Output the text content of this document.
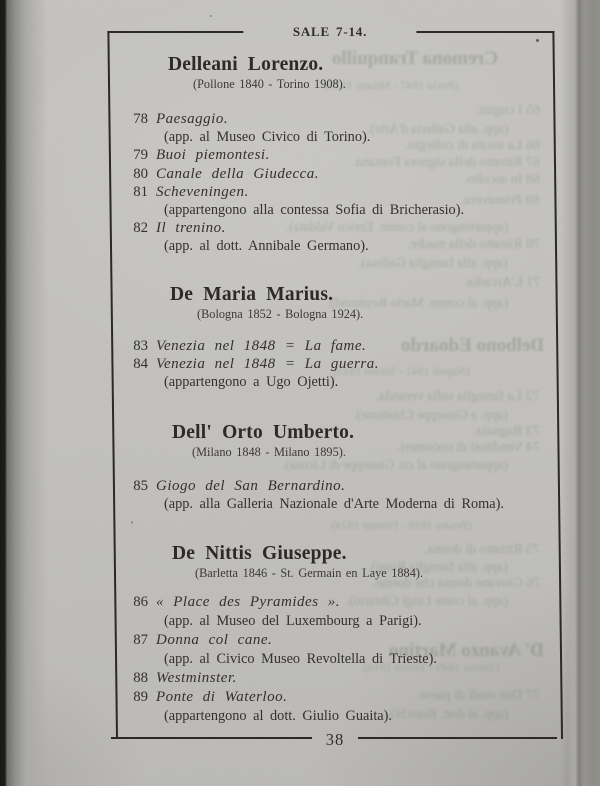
Cremona Tranquillo
(Pavia 1847 - Milano 1920).
65 I cugini.
(app. alla Galleria d'Arte).
66 La uscita di collegio.
67 Ritratto della signora Fontana.
68 In ascolto.
69 Primavera.
(appartengono al comm. Enrico Valdata).
70 Ritratto della madre.
(app. alla famiglia Gallina).
71 L'Arcadia.
(app. al comm. Mario Reymond).
Delbono Edoardo
(Napoli 1841 - Torino 1915).
72 La famiglia sulla veranda.
(app. a Giuseppe Chiattone).
73 Bagnaia.
74 Venditori di cocomeri.
(appartengono al co. Giuseppe di Licosa).
(Pesaro 1859 - Firenze 1924).
75 Ritratto di donna.
(app. alla famiglia Rossi).
76 Giovane donna che dorme.
(app. al conte Luigi Cibrario).
D' Avanzo Martino
(Torino 1849 - Torino 1918).
77 Due studi di paese.
(app. al dott. Bianchi).
SALE 7-14.
Delleani Lorenzo.
(Pollone 1840 - Torino 1908).
78 Paesaggio.
(app. al Museo Civico di Torino).
79 Buoi piemontesi.
80 Canale della Giudecca.
81 Scheveningen.
(appartengono alla contessa Sofia di Bricherasio).
82 Il trenino.
(app. al dott. Annibale Germano).
De Maria Marius.
(Bologna 1852 - Bologna 1924).
83 Venezia nel 1848 = La fame.
84 Venezia nel 1848 = La guerra.
(appartengono a Ugo Ojetti).
Dell' Orto Umberto.
(Milano 1848 - Milano 1895).
85 Giogo del San Bernardino.
(app. alla Galleria Nazionale d'Arte Moderna di Roma).
De Nittis Giuseppe.
(Barletta 1846 - St. Germain en Laye 1884).
86 « Place des Pyramides ».
(app. al Museo del Luxembourg a Parigi).
87 Donna col cane.
(app. al Civico Museo Revoltella di Trieste).
88 Westminster.
89 Ponte di Waterloo.
(appartengono al dott. Giulio Guaita).
38
